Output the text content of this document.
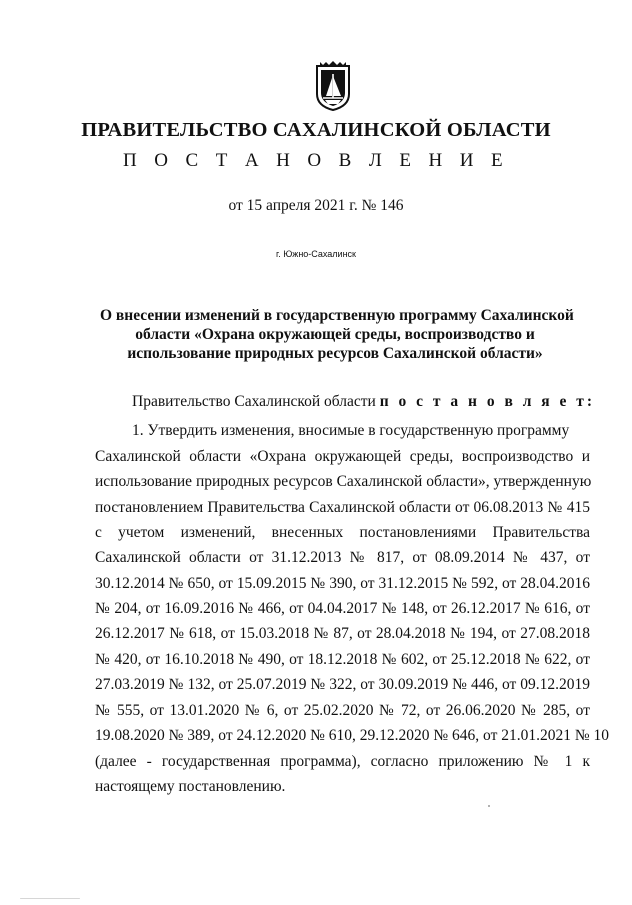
ПРАВИТЕЛЬСТВО САХАЛИНСКОЙ ОБЛАСТИ
П О С Т А Н О В Л Е Н И Е
от 15 апреля 2021 г. № 146
г. Южно-Сахалинск
О внесении изменений в государственную программу Сахалинской
области «Охрана окружающей среды, воспроизводство и
использование природных ресурсов Сахалинской области»
Правительство Сахалинской области п о с т а н о в л я е т:
1. Утвердить изменения, вносимые в государственную программу
Сахалинской области «Охрана окружающей среды, воспроизводство и
использование природных ресурсов Сахалинской области», утвержденную
постановлением Правительства Сахалинской области от 06.08.2013 № 415
с учетом изменений, внесенных постановлениями Правительства
Сахалинской области от 31.12.2013 № 817, от 08.09.2014 № 437, от
30.12.2014 № 650, от 15.09.2015 № 390, от 31.12.2015 № 592, от 28.04.2016
№ 204, от 16.09.2016 № 466, от 04.04.2017 № 148, от 26.12.2017 № 616, от
26.12.2017 № 618, от 15.03.2018 № 87, от 28.04.2018 № 194, от 27.08.2018
№ 420, от 16.10.2018 № 490, от 18.12.2018 № 602, от 25.12.2018 № 622, от
27.03.2019 № 132, от 25.07.2019 № 322, от 30.09.2019 № 446, от 09.12.2019
№ 555, от 13.01.2020 № 6, от 25.02.2020 № 72, от 26.06.2020 № 285, от
19.08.2020 № 389, от 24.12.2020 № 610, 29.12.2020 № 646, от 21.01.2021 № 10
(далее - государственная программа), согласно приложению № 1 к
настоящему постановлению.
